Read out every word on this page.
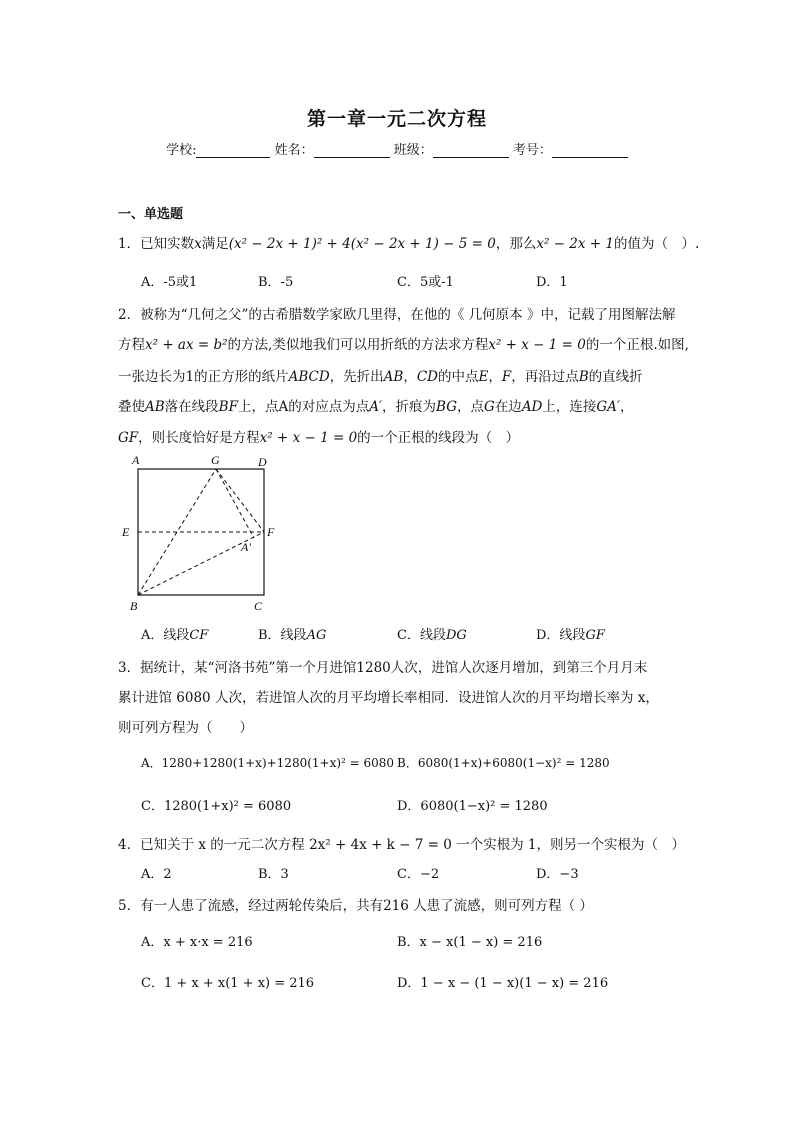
第一章一元二次方程
学校:	姓名：	班级：	考号：
一、单选题
1．已知实数x满足(x² − 2x + 1)² + 4(x² − 2x + 1) − 5 = 0，那么x² − 2x + 1的值为（　）.
A．-5或1	B．-5	C．5或-1	D．1
2．被称为“几何之父”的古希腊数学家欧几里得，在他的《 几何原本 》中，记载了用图解法解
方程x² + ax = b²的方法,类似地我们可以用折纸的方法求方程x² + x − 1 = 0的一个正根.如图,
一张边长为1的正方形的纸片ABCD，先折出AB，CD的中点E，F，再沿过点B的直线折
叠使AB落在线段BF上，点A的对应点为点A′，折痕为BG，点G在边AD上，连接GA′，
GF，则长度恰好是方程x² + x − 1 = 0的一个正根的线段为（　）
A	G	D
E	F
A′
B	C
A．线段CF	B．线段AG	C．线段DG	D．线段GF
3．据统计，某“河洛书苑”第一个月进馆1280人次，进馆人次逐月增加，到第三个月月末
累计进馆 6080 人次，若进馆人次的月平均增长率相同．设进馆人次的月平均增长率为 x，
则可列方程为（　　）
A．1280+1280(1+x)+1280(1+x)² = 6080 B．6080(1+x)+6080(1−x)² = 1280
C．1280(1+x)² = 6080	D．6080(1−x)² = 1280
4．已知关于 x 的一元二次方程 2x² + 4x + k − 7 = 0 一个实根为 1，则另一个实根为（　）
A．2	B．3	C．−2	D．−3
5．有一人患了流感，经过两轮传染后，共有216 人患了流感，则可列方程（ ）
A．x + x·x = 216	B．x − x(1 − x) = 216
C．1 + x + x(1 + x) = 216	D．1 − x − (1 − x)(1 − x) = 216
